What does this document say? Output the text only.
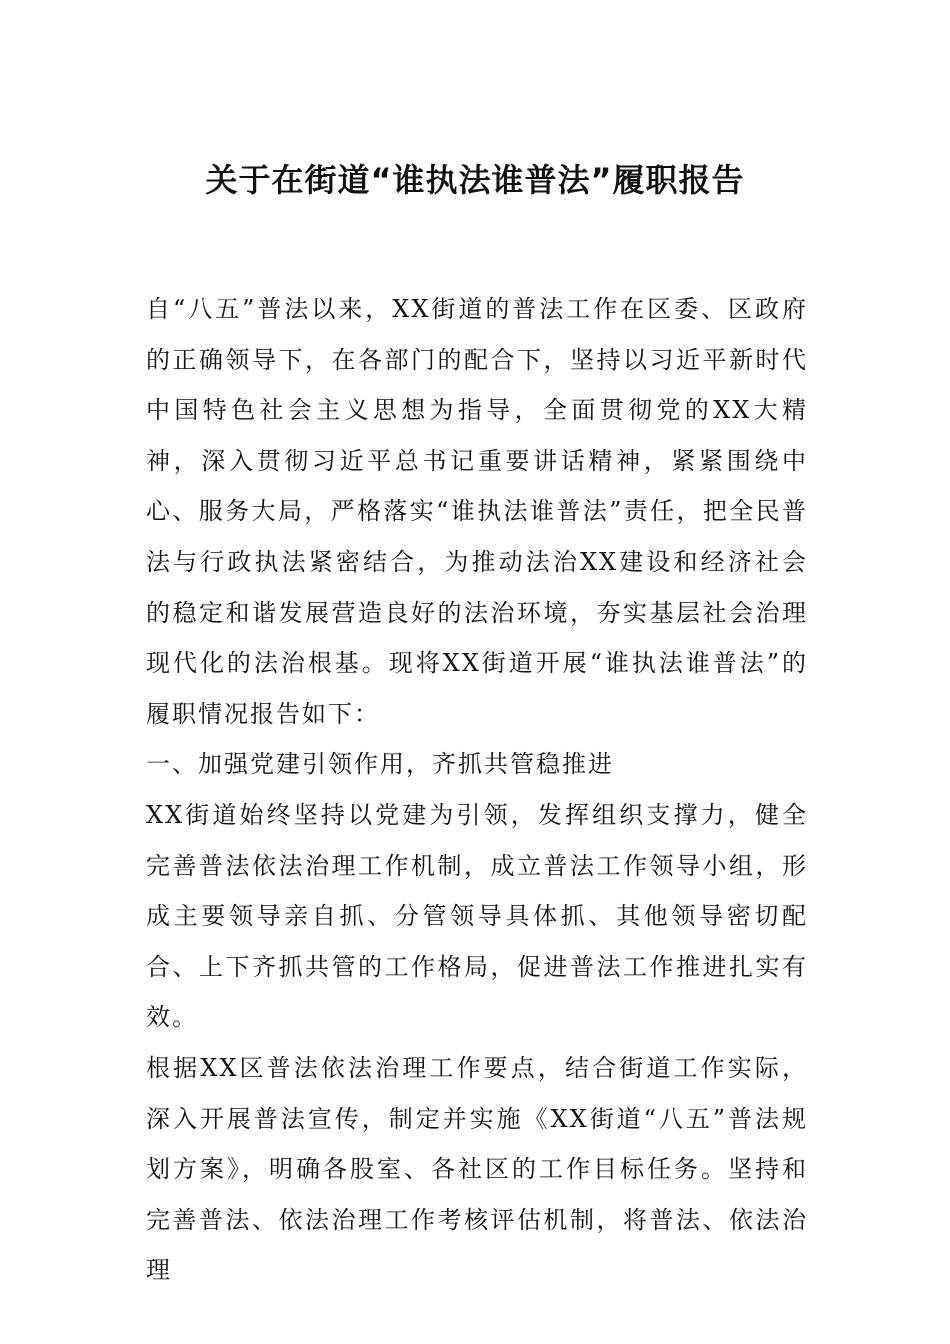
关于在街道“谁执法谁普法”履职报告

自“八五”普法以来，XX街道的普法工作在区委、区政府的正确领导下，在各部门的配合下，坚持以习近平新时代中国特色社会主义思想为指导，全面贯彻党的XX大精神，深入贯彻习近平总书记重要讲话精神，紧紧围绕中心、服务大局，严格落实“谁执法谁普法”责任，把全民普法与行政执法紧密结合，为推动法治XX建设和经济社会的稳定和谐发展营造良好的法治环境，夯实基层社会治理现代化的法治根基。现将XX街道开展“谁执法谁普法”的履职情况报告如下：

一、加强党建引领作用，齐抓共管稳推进

XX街道始终坚持以党建为引领，发挥组织支撑力，健全完善普法依法治理工作机制，成立普法工作领导小组，形成主要领导亲自抓、分管领导具体抓、其他领导密切配合、上下齐抓共管的工作格局，促进普法工作推进扎实有效。

根据XX区普法依法治理工作要点，结合街道工作实际，深入开展普法宣传，制定并实施《XX街道“八五”普法规划方案》，明确各股室、各社区的工作目标任务。坚持和完善普法、依法治理工作考核评估机制，将普法、依法治理
